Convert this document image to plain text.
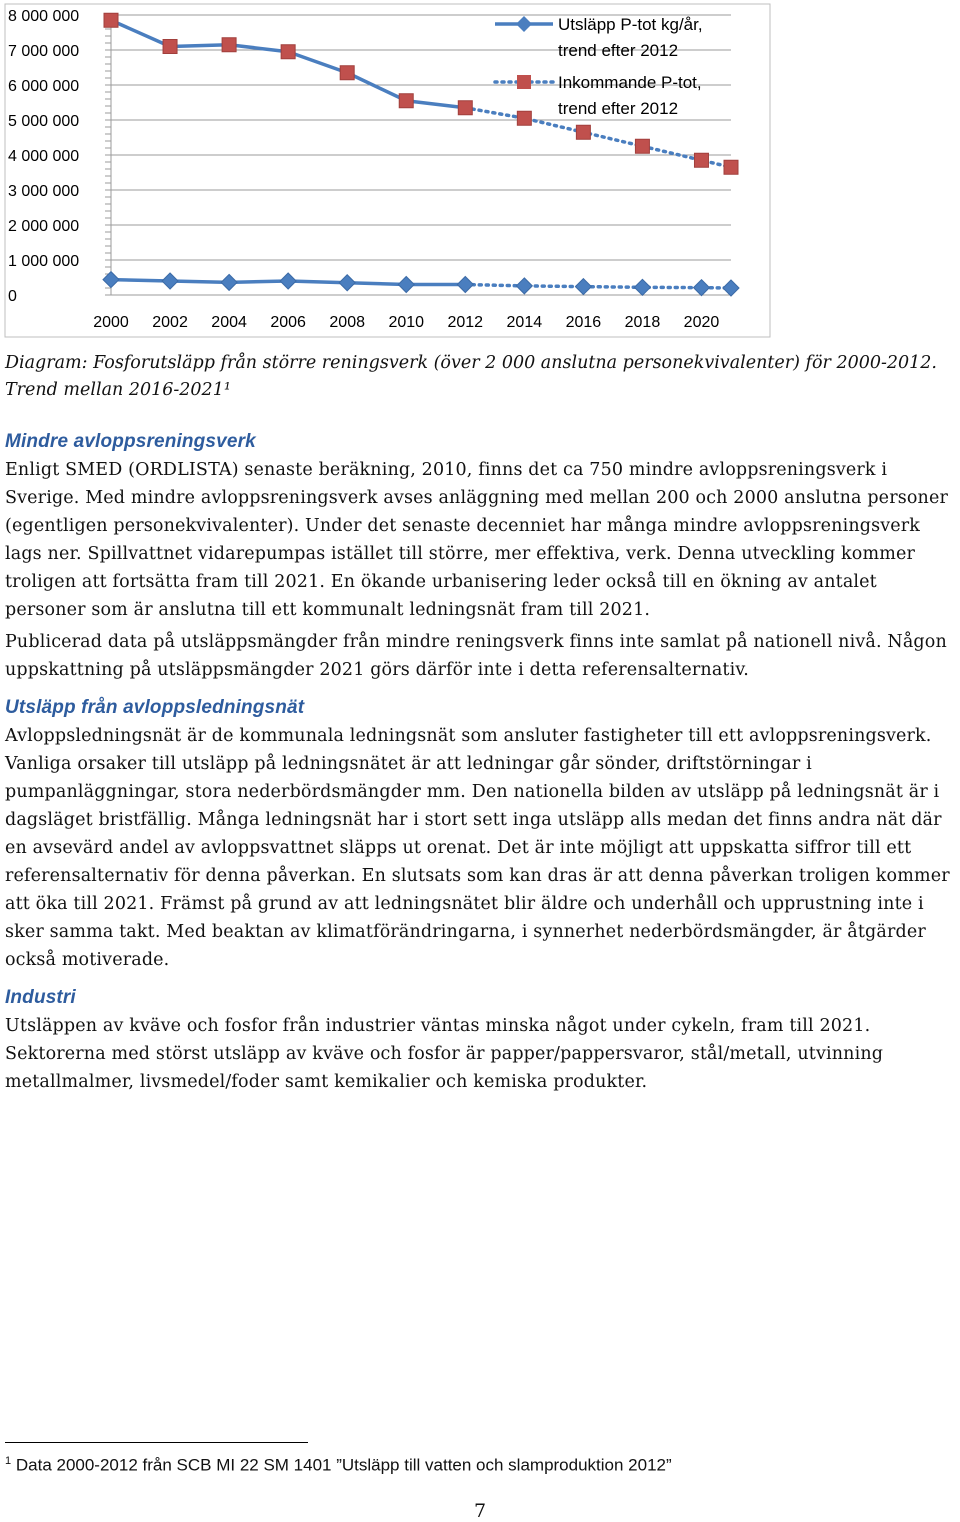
0
1 000 000
2 000 000
3 000 000
4 000 000
5 000 000
6 000 000
7 000 000
8 000 000
2000 2002 2004 2006 2008 2010 2012 2014 2016 2018 2020
Utsläpp P-tot kg/år,
trend efter 2012
Inkommande P-tot,
trend efter 2012
Diagram: Fosforutsläpp från större reningsverk (över 2 000 anslutna personekvivalenter) för 2000-2012. Trend mellan 2016-2021¹
Mindre avloppsreningsverk

Enligt SMED (ORDLISTA) senaste beräkning, 2010, finns det ca 750 mindre avloppsreningsverk i Sverige. Med mindre avloppsreningsverk avses anläggning med mellan 200 och 2000 anslutna personer (egentligen personekvivalenter). Under det senaste decenniet har många mindre avloppsreningsverk lags ner. Spillvattnet vidarepumpas istället till större, mer effektiva, verk. Denna utveckling kommer troligen att fortsätta fram till 2021. En ökande urbanisering leder också till en ökning av antalet personer som är anslutna till ett kommunalt ledningsnät fram till 2021.

Publicerad data på utsläppsmängder från mindre reningsverk finns inte samlat på nationell nivå. Någon uppskattning på utsläppsmängder 2021 görs därför inte i detta referensalternativ.

Utsläpp från avloppsledningsnät

Avloppsledningsnät är de kommunala ledningsnät som ansluter fastigheter till ett avloppsreningsverk. Vanliga orsaker till utsläpp på ledningsnätet är att ledningar går sönder, driftstörningar i pumpanläggningar, stora nederbördsmängder mm. Den nationella bilden av utsläpp på ledningsnät är i dagsläget bristfällig. Många ledningsnät har i stort sett inga utsläpp alls medan det finns andra nät där en avsevärd andel av avloppsvattnet släpps ut orenat. Det är inte möjligt att uppskatta siffror till ett referensalternativ för denna påverkan. En slutsats som kan dras är att denna påverkan troligen kommer att öka till 2021. Främst på grund av att ledningsnätet blir äldre och underhåll och upprustning inte i sker samma takt. Med beaktan av klimatförändringarna, i synnerhet nederbördsmängder, är åtgärder också motiverade.

Industri

Utsläppen av kväve och fosfor från industrier väntas minska något under cykeln, fram till 2021. Sektorerna med störst utsläpp av kväve och fosfor är papper/pappersvaror, stål/metall, utvinning metallmalmer, livsmedel/foder samt kemikalier och kemiska produkter.

$^1$ Data 2000-2012 från SCB MI 22 SM 1401 ”Utsläpp till vatten och slamproduktion 2012”
7
